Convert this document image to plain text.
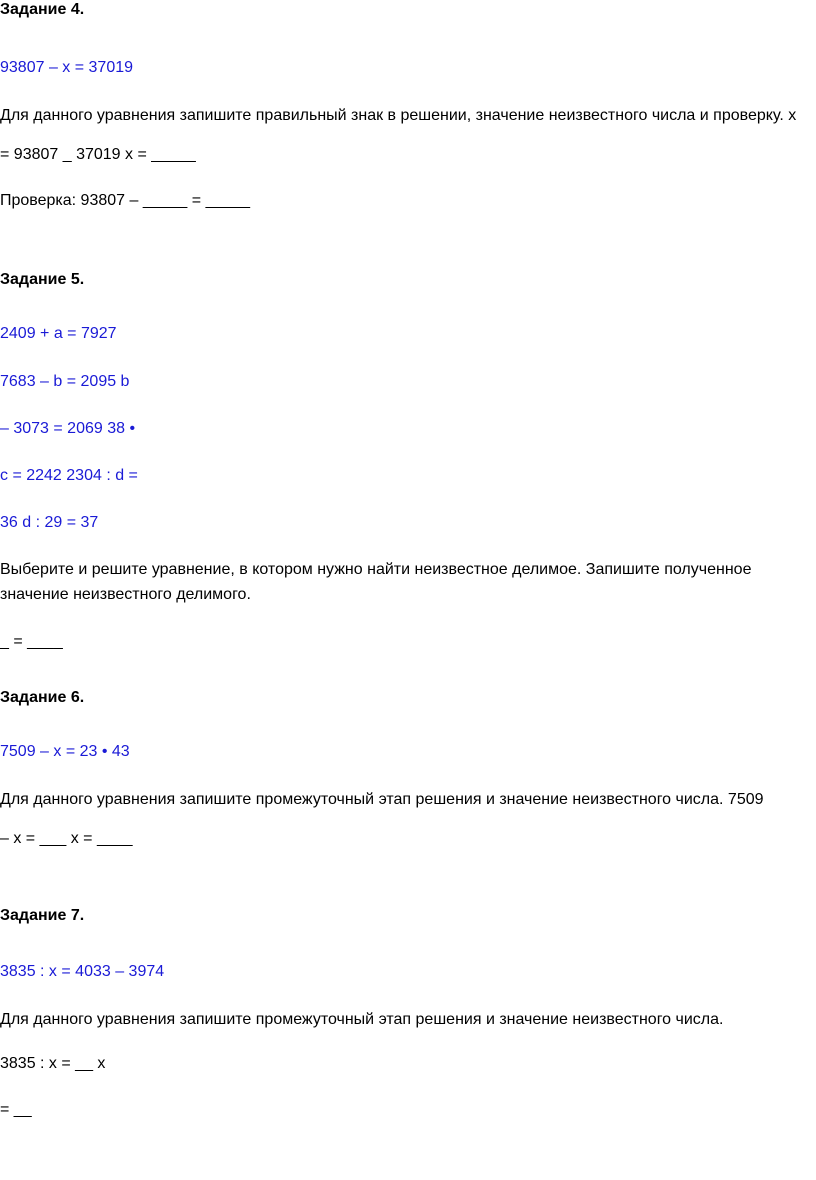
Задание 4.
93807 – x = 37019
Для данного уравнения запишите правильный знак в решении, значение неизвестного числа и проверку. x
= 93807 _ 37019 x = _____
Проверка: 93807 – _____ = _____
Задание 5.
2409 + a = 7927
7683 – b = 2095 b
– 3073 = 2069 38 •
c = 2242 2304 : d =
36 d : 29 = 37
Выберите и решите уравнение, в котором нужно найти неизвестное делимое. Запишите полученное
значение неизвестного делимого.
_ = ____
Задание 6.
7509 – x = 23 • 43
Для данного уравнения запишите промежуточный этап решения и значение неизвестного числа. 7509
– x = ___ x = ____
Задание 7.
3835 : x = 4033 – 3974
Для данного уравнения запишите промежуточный этап решения и значение неизвестного числа.
3835 : x = __ x
= __
